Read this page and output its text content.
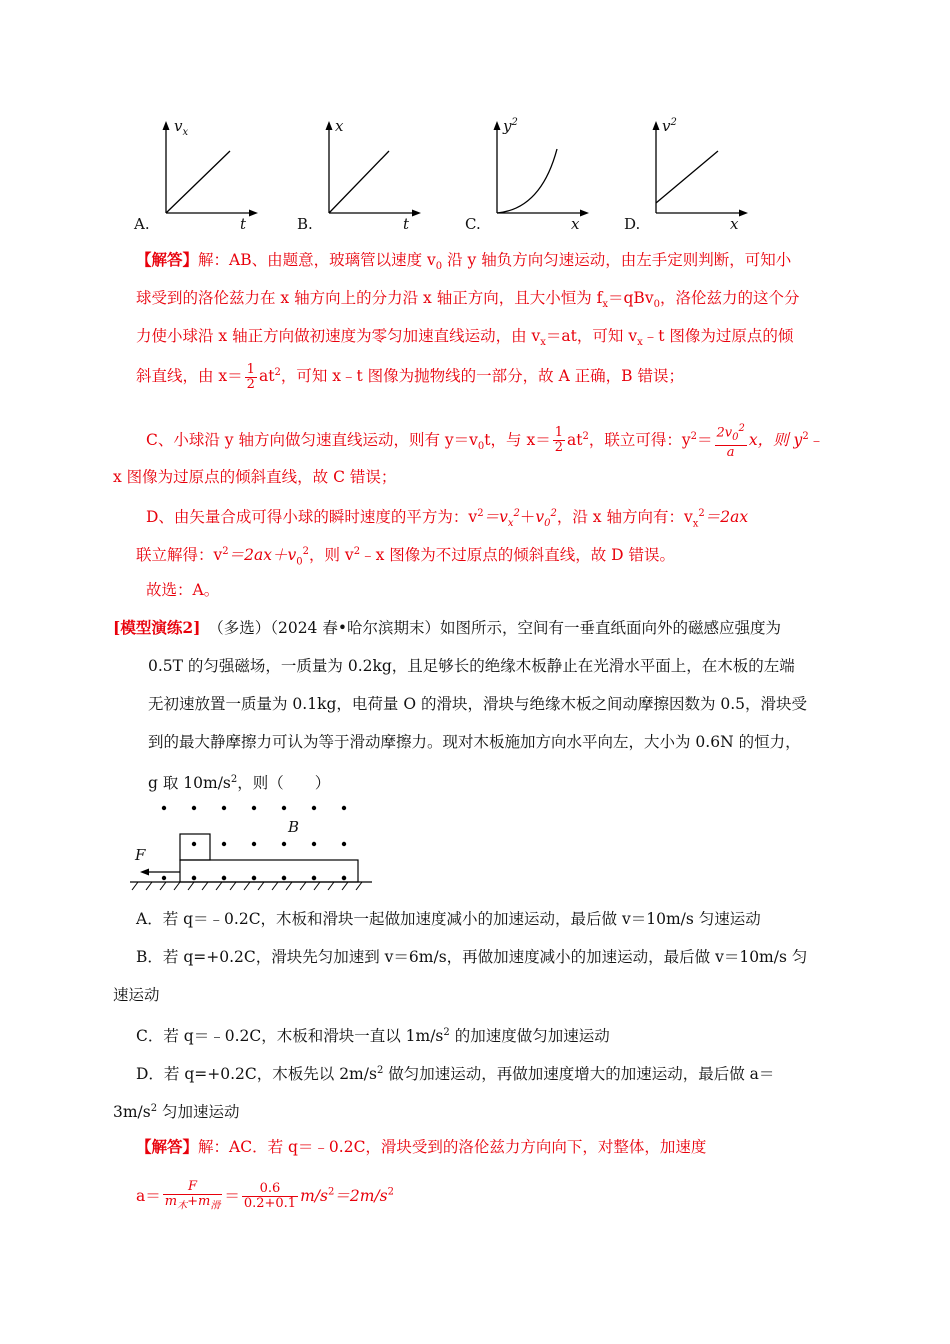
A.
$v_x$
t	B.
x
t	C.
$y^2$
x	D.
$v^2$
x
【解答】解：AB、由题意，玻璃管以速度 $v_0$ 沿 y 轴负方向匀速运动，由左手定则判断，可知小
球受到的洛伦兹力在 x 轴方向上的分力沿 x 轴正方向，且大小恒为 $f_x=qBv_0$，洛伦兹力的这个分
力使小球沿 x 轴正方向做初速度为零匀加速直线运动，由 $v_x=at$，可知 $v_x﹣t$ 图像为过原点的倾
斜直线，由 $x= \frac{1}{2} at^2$，可知 x﹣t 图像为抛物线的一部分，故 A 正确，B 错误；
C、小球沿 y 轴方向做匀速直线运动，则有 $y=v_0t$，与 $x= \frac{1}{2} at^2$，联立可得：$y^2= \frac{2v_0^2}{a}$ x，则 $y^2﹣$
x 图像为过原点的倾斜直线，故 C 错误；
D、由矢量合成可得小球的瞬时速度的平方为：$v^2=v_x^2+v_0^2$，沿 x 轴方向有：$v_x^2=2ax$
联立解得：$v^2=2ax+v_0^2$，则 $v^2﹣x$ 图像为不过原点的倾斜直线，故 D 错误。
故选：A。
[模型演练2]　 （多选）（2024 春•哈尔滨期末）如图所示，空间有一垂直纸面向外的磁感应强度为
0.5T 的匀强磁场，一质量为 0.2kg，且足够长的绝缘木板静止在光滑水平面上，在木板的左端
无初速放置一质量为 0.1kg，电荷量 O 的滑块，滑块与绝缘木板之间动摩擦因数为 0.5，滑块受
到的最大静摩擦力可认为等于滑动摩擦力。现对木板施加方向水平向左，大小为 0.6N 的恒力，
g 取 $10m/s^2$，则（　　）
B
F
A．若 q＝﹣0.2C，木板和滑块一起做加速度减小的加速运动，最后做 v＝10m/s 匀速运动
B．若 q=+0.2C，滑块先匀加速到 v＝6m/s，再做加速度减小的加速运动，最后做 v＝10m/s 匀
速运动
C．若 q＝﹣0.2C，木板和滑块一直以 $1m/s^2$ 的加速度做匀加速运动
D．若 q=+0.2C，木板先以 $2m/s^2$ 做匀加速运动，再做加速度增大的加速运动，最后做 a＝
$3m/s^2$ 匀加速运动
【解答】解：AC．若 q＝﹣0.2C，滑块受到的洛伦兹力方向向下，对整体，加速度
$a= \frac{F}{m_木+m_滑} = \frac{0.6}{0.2+0.1} m/s^2=2m/s^2$
